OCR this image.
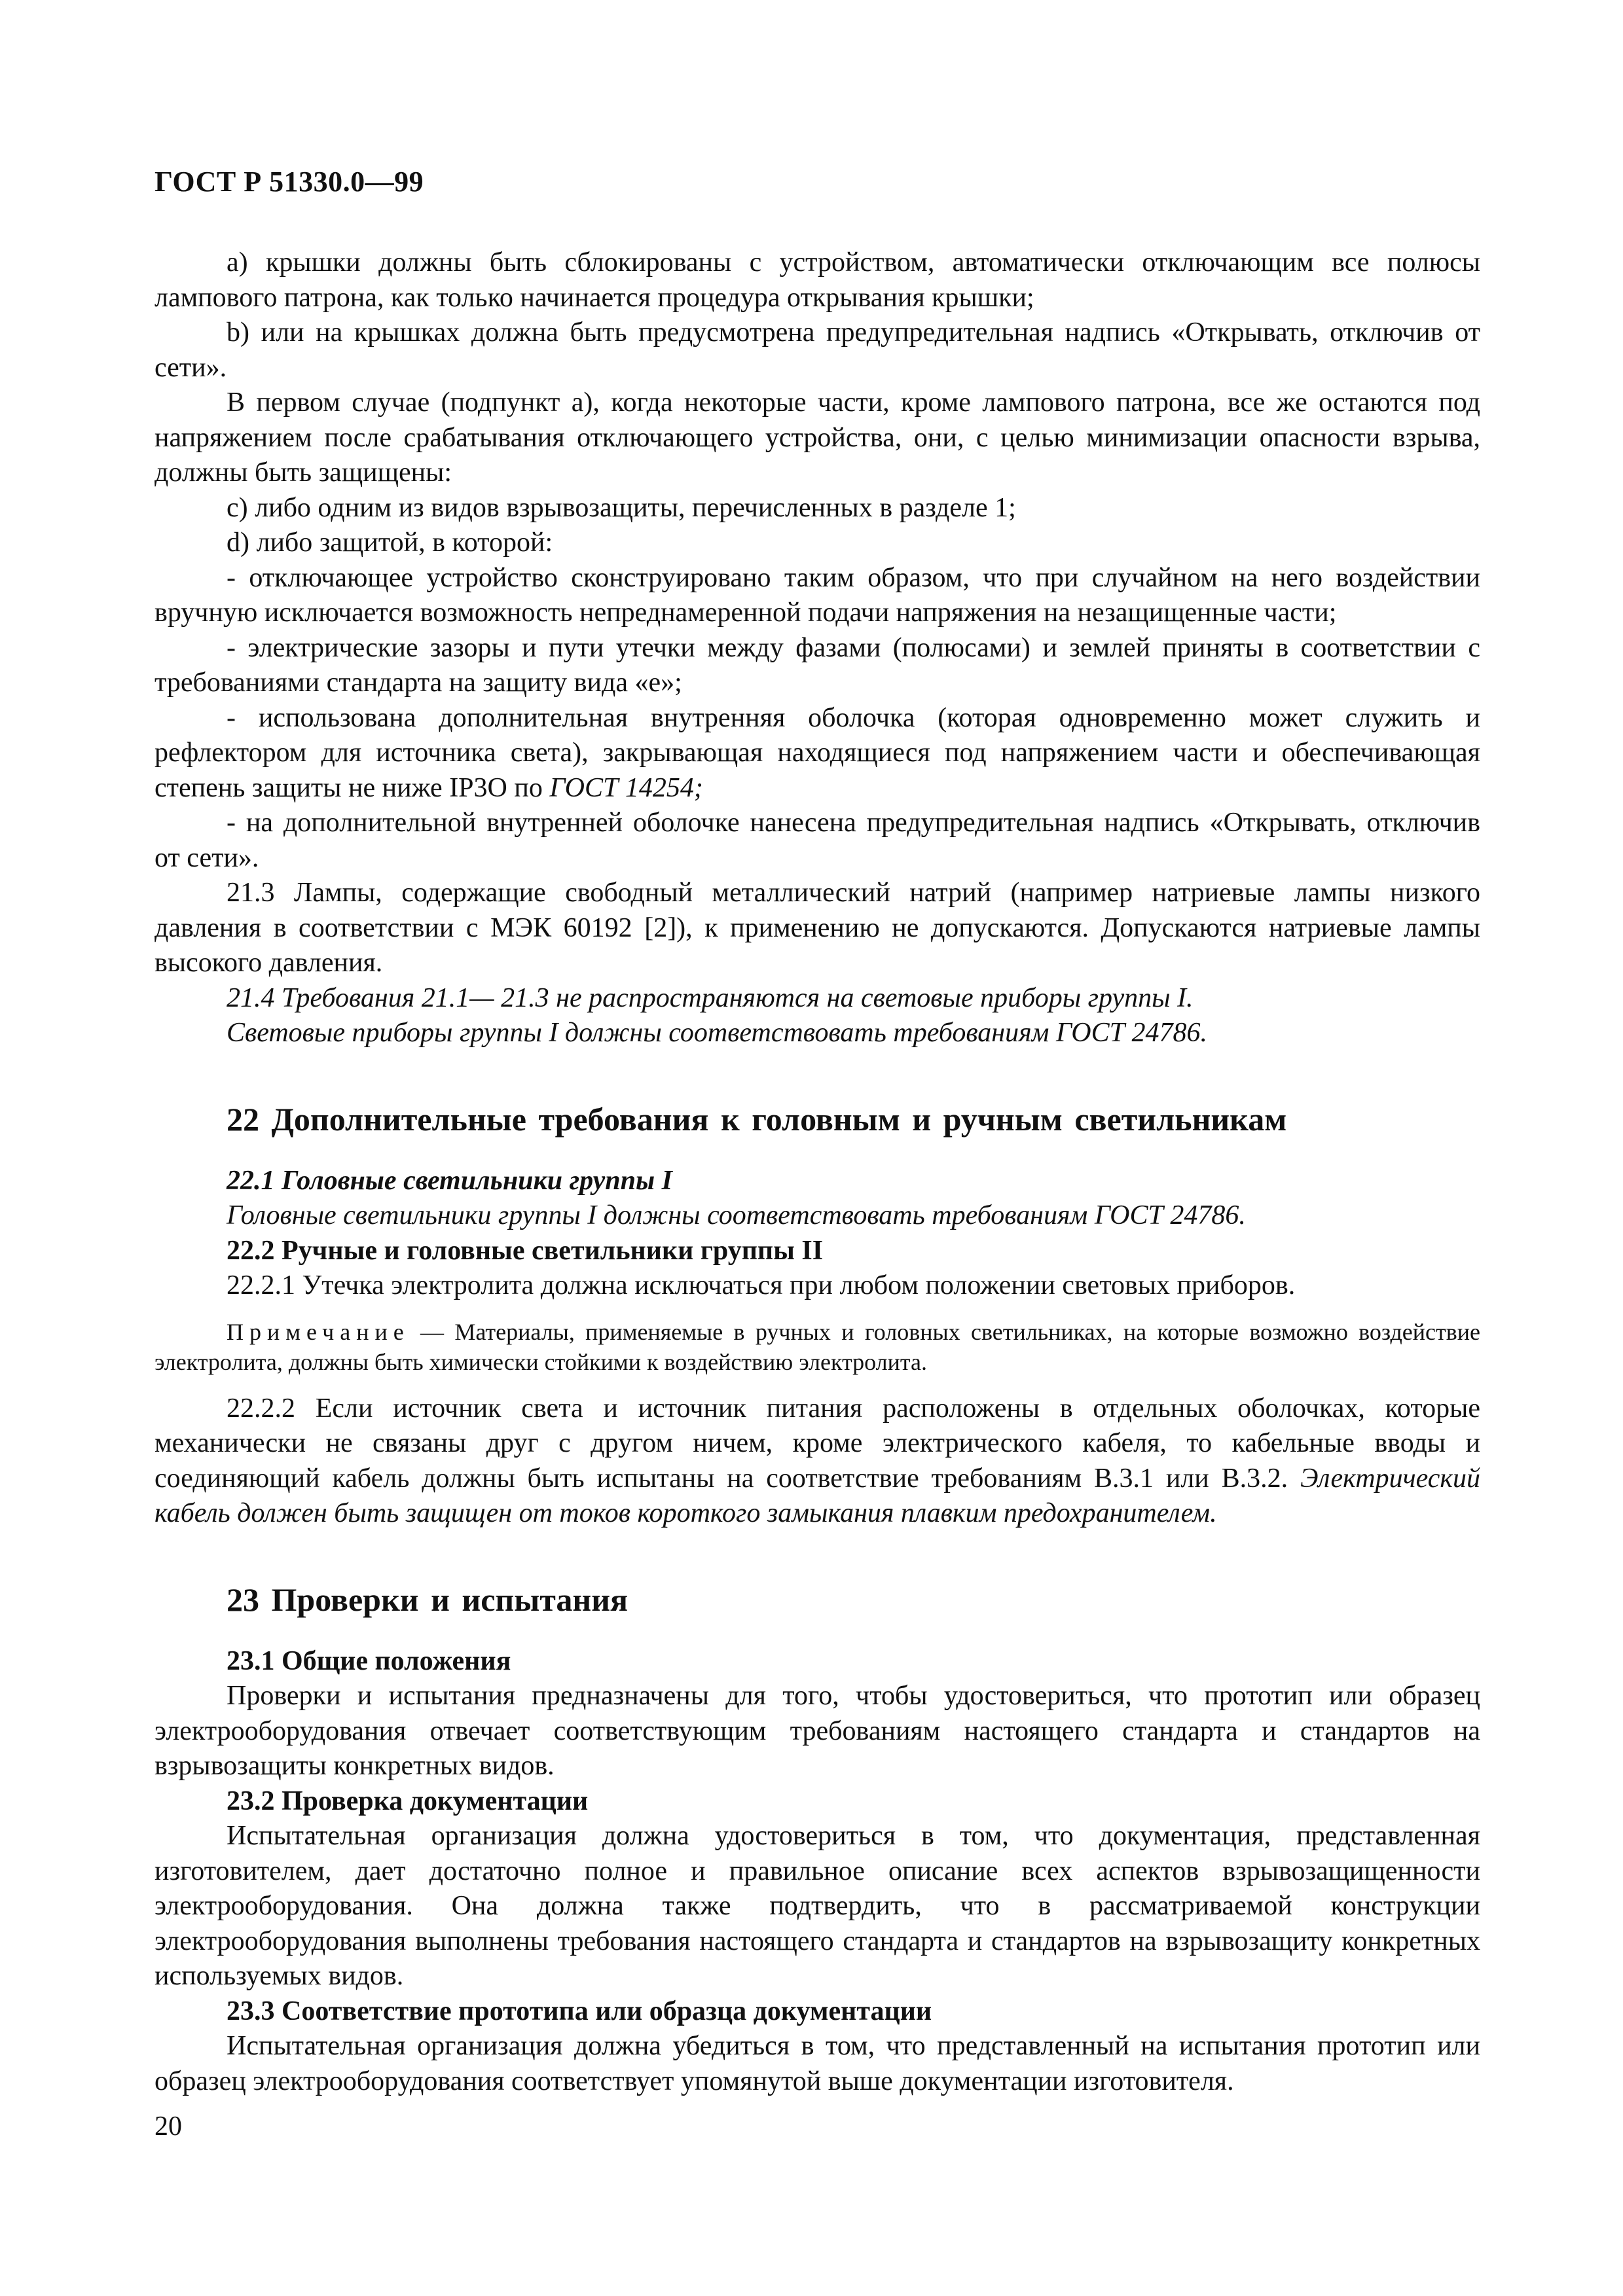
ГОСТ Р 51330.0—99

а) крышки должны быть сблокированы с устройством, автоматически отключающим все полюсы лампового патрона, как только начинается процедура открывания крышки;

b) или на крышках должна быть предусмотрена предупредительная надпись «Открывать, отключив от сети».

В первом случае (подпункт а), когда некоторые части, кроме лампового патрона, все же остаются под напряжением после срабатывания отключающего устройства, они, с целью минимизации опасности взрыва, должны быть защищены:

с) либо одним из видов взрывозащиты, перечисленных в разделе 1;

d) либо защитой, в которой:

- отключающее устройство сконструировано таким образом, что при случайном на него воздействии вручную исключается возможность непреднамеренной подачи напряжения на незащищенные части;

- электрические зазоры и пути утечки между фазами (полюсами) и землей приняты в соответствии с требованиями стандарта на защиту вида «е»;

- использована дополнительная внутренняя оболочка (которая одновременно может служить и рефлектором для источника света), закрывающая находящиеся под напряжением части и обеспечивающая степень защиты не ниже IP3O по ГОСТ 14254;

- на дополнительной внутренней оболочке нанесена предупредительная надпись «Открывать, отключив от сети».

21.3 Лампы, содержащие свободный металлический натрий (например натриевые лампы низкого давления в соответствии с МЭК 60192 [2]), к применению не допускаются. Допускаются натриевые лампы высокого давления.

21.4 Требования 21.1— 21.3 не распространяются на световые приборы группы I.

Световые приборы группы I должны соответствовать требованиям ГОСТ 24786.

22 Дополнительные требования к головным и ручным светильникам

22.1 Головные светильники группы I

Головные светильники группы I должны соответствовать требованиям ГОСТ 24786.

22.2 Ручные и головные светильники группы II

22.2.1 Утечка электролита должна исключаться при любом положении световых приборов.

Примечание — Материалы, применяемые в ручных и головных светильниках, на которые возможно воздействие электролита, должны быть химически стойкими к воздействию электролита.

22.2.2 Если источник света и источник питания расположены в отдельных оболочках, которые механически не связаны друг с другом ничем, кроме электрического кабеля, то кабельные вводы и соединяющий кабель должны быть испытаны на соответствие требованиям В.3.1 или В.3.2. Электрический кабель должен быть защищен от токов короткого замыкания плавким предохранителем.

23 Проверки и испытания

23.1 Общие положения

Проверки и испытания предназначены для того, чтобы удостовериться, что прототип или образец электрооборудования отвечает соответствующим требованиям настоящего стандарта и стандартов на взрывозащиты конкретных видов.

23.2 Проверка документации

Испытательная организация должна удостовериться в том, что документация, представленная изготовителем, дает достаточно полное и правильное описание всех аспектов взрывозащищенности электрооборудования. Она должна также подтвердить, что в рассматриваемой конструкции электрооборудования выполнены требования настоящего стандарта и стандартов на взрывозащиту конкретных используемых видов.

23.3 Соответствие прототипа или образца документации

Испытательная организация должна убедиться в том, что представленный на испытания прототип или образец электрооборудования соответствует упомянутой выше документации изготовителя.

20
